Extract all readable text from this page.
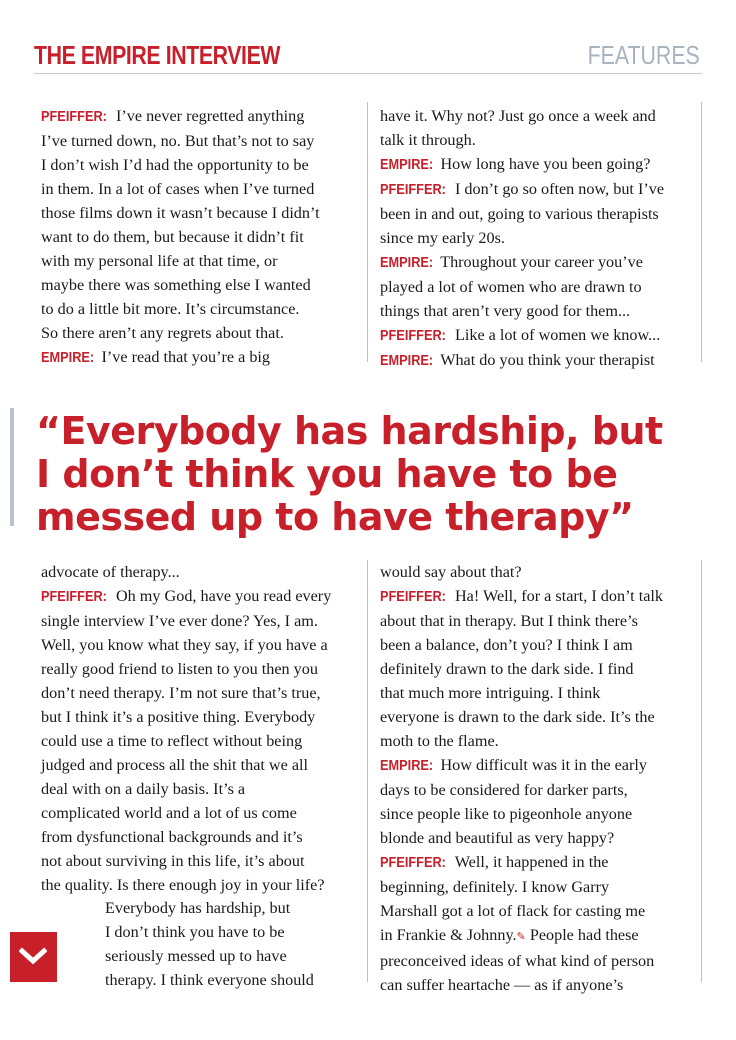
THE EMPIRE INTERVIEW	FEATURES

PFEIFFER: I’ve never regretted anything

I’ve turned down, no. But that’s not to say

I don’t wish I’d had the opportunity to be

in them. In a lot of cases when I’ve turned

those films down it wasn’t because I didn’t

want to do them, but because it didn’t fit

with my personal life at that time, or

maybe there was something else I wanted

to do a little bit more. It’s circumstance.

So there aren’t any regrets about that.

EMPIRE: I’ve read that you’re a big

have it. Why not? Just go once a week and

talk it through.

EMPIRE: How long have you been going?

PFEIFFER: I don’t go so often now, but I’ve

been in and out, going to various therapists

since my early 20s.

EMPIRE: Throughout your career you’ve

played a lot of women who are drawn to

things that aren’t very good for them...

PFEIFFER: Like a lot of women we know...

EMPIRE: What do you think your therapist

“Everybody has hardship, but
I don’t think you have to be
messed up to have therapy”

advocate of therapy...

PFEIFFER: Oh my God, have you read every

single interview I’ve ever done? Yes, I am.

Well, you know what they say, if you have a

really good friend to listen to you then you

don’t need therapy. I’m not sure that’s true,

but I think it’s a positive thing. Everybody

could use a time to reflect without being

judged and process all the shit that we all

deal with on a daily basis. It’s a

complicated world and a lot of us come

from dysfunctional backgrounds and it’s

not about surviving in this life, it’s about

the quality. Is there enough joy in your life?

Everybody has hardship, but

I don’t think you have to be

seriously messed up to have

therapy. I think everyone should

would say about that?

PFEIFFER: Ha! Well, for a start, I don’t talk

about that in therapy. But I think there’s

been a balance, don’t you? I think I am

definitely drawn to the dark side. I find

that much more intriguing. I think

everyone is drawn to the dark side. It’s the

moth to the flame.

EMPIRE: How difficult was it in the early

days to be considered for darker parts,

since people like to pigeonhole anyone

blonde and beautiful as very happy?

PFEIFFER: Well, it happened in the

beginning, definitely. I know Garry

Marshall got a lot of flack for casting me

in Frankie & Johnny.✎ People had these

preconceived ideas of what kind of person

can suffer heartache — as if anyone’s
